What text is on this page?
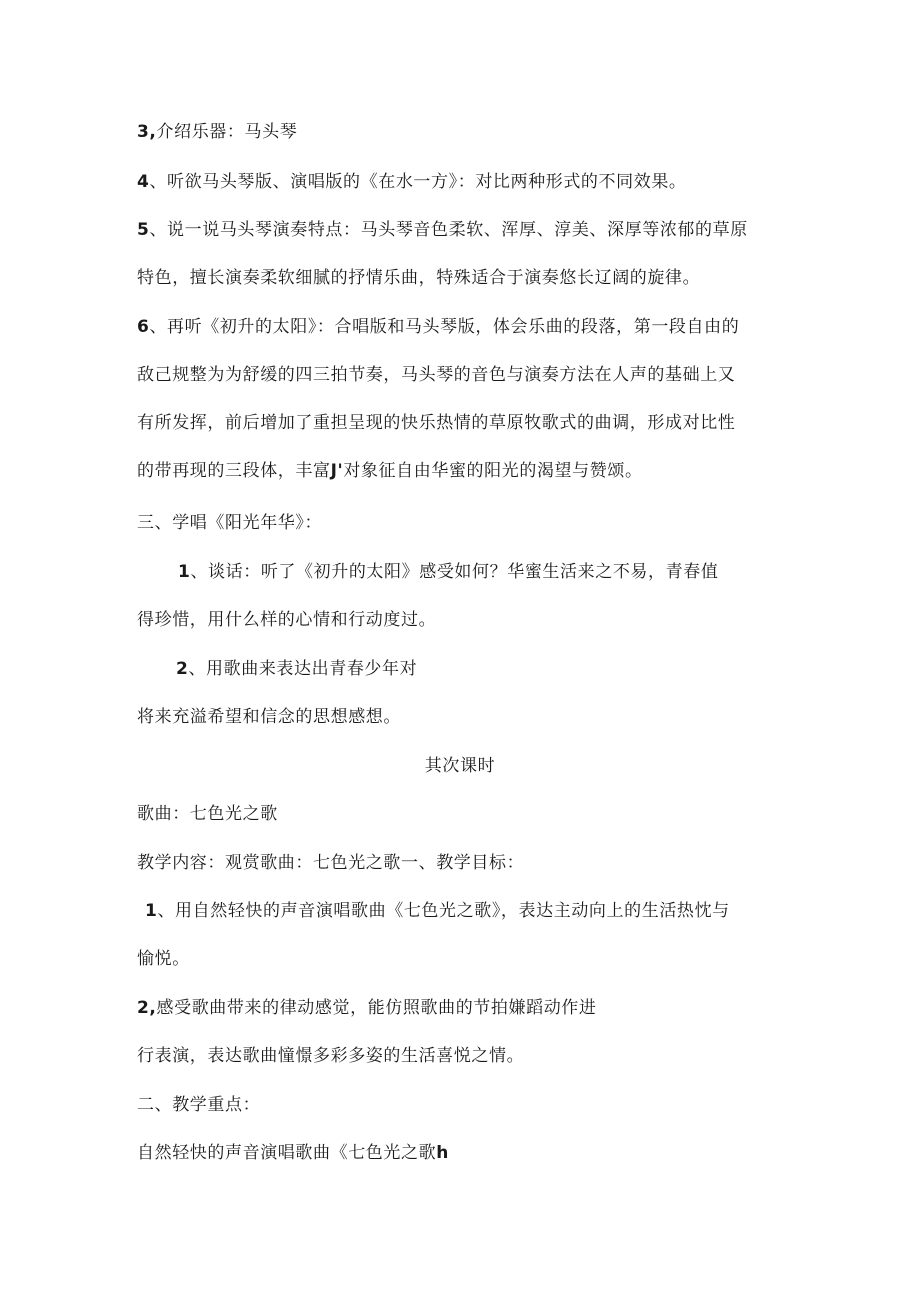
3,介绍乐器：马头琴
4、听欲马头琴版、演唱版的《在水一方》：对比两种形式的不同效果。
5、说一说马头琴演奏特点：马头琴音色柔软、浑厚、淳美、深厚等浓郁的草原
特色，擅长演奏柔软细腻的抒情乐曲，特殊适合于演奏悠长辽阔的旋律。
6、再听《初升的太阳》：合唱版和马头琴版，体会乐曲的段落，第一段自由的
敌己规整为为舒缓的四三拍节奏，马头琴的音色与演奏方法在人声的基础上又
有所发挥，前后增加了重担呈现的快乐热情的草原牧歌式的曲调，形成对比性
的带再现的三段体，丰富J'对象征自由华蜜的阳光的渴望与赞颂。
三、学唱《阳光年华》：
1、谈话：听了《初升的太阳》感受如何？华蜜生活来之不易，青春值
得珍惜，用什么样的心情和行动度过。
2、用歌曲来表达出青春少年对
将来充溢希望和信念的思想感想。
其次课时
歌曲：七色光之歌
教学内容：观赏歌曲：七色光之歌一、教学目标：
1、用自然轻快的声音演唱歌曲《七色光之歌》，表达主动向上的生活热忱与
愉悦。
2,感受歌曲带来的律动感觉，能仿照歌曲的节拍嫌蹈动作进
行表演，表达歌曲憧憬多彩多姿的生活喜悦之情。
二、教学重点：
自然轻快的声音演唱歌曲《七色光之歌h
